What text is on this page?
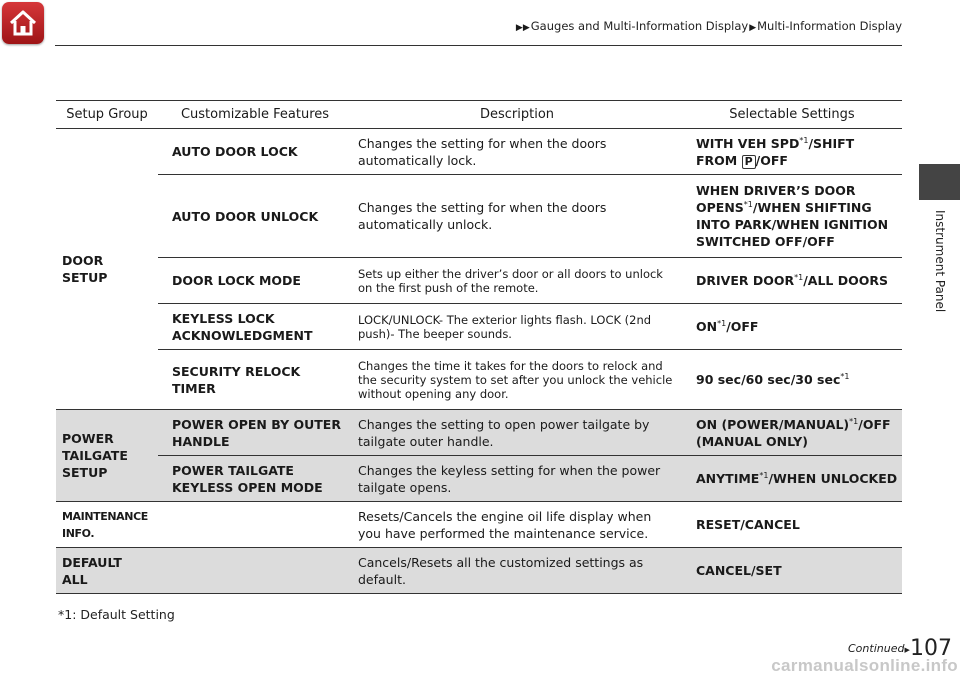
▶▶Gauges and Multi-Information Display▶Multi-Information Display
Instrument Panel
Setup Group	Customizable Features	Description	Selectable Settings
DOOR SETUP	AUTO DOOR LOCK	Changes the setting for when the doors automatically lock.	WITH VEH SPD$^{*1}$/SHIFT FROM P /OFF
	AUTO DOOR UNLOCK	Changes the setting for when the doors automatically unlock.	WHEN DRIVER’S DOOR OPENS$^{*1}$/WHEN SHIFTING INTO PARK/WHEN IGNITION SWITCHED OFF/OFF
	DOOR LOCK MODE	Sets up either the driver’s door or all doors to unlock on the first push of the remote.	DRIVER DOOR$^{*1}$/ALL DOORS
	KEYLESS LOCK ACKNOWLEDGMENT	LOCK/UNLOCK- The exterior lights flash. LOCK (2nd push)- The beeper sounds.	ON$^{*1}$/OFF
	SECURITY RELOCK TIMER	Changes the time it takes for the doors to relock and the security system to set after you unlock the vehicle without opening any door.	90 sec/60 sec/30 $\sec^{*1}$
POWER TAILGATE SETUP	POWER OPEN BY OUTER HANDLE	Changes the setting to open power tailgate by tailgate outer handle.	ON (POWER/MANUAL)$^{*1}$/OFF (MANUAL ONLY)
	POWER TAILGATE KEYLESS OPEN MODE	Changes the keyless setting for when the power tailgate opens.	ANYTIME$^{*1}$/WHEN UNLOCKED
MAINTENANCE INFO.		Resets/Cancels the engine oil life display when you have performed the maintenance service.	RESET/CANCEL
DEFAULT ALL		Cancels/Resets all the customized settings as default.	CANCEL/SET
*1: Default Setting
Continued▶ 107
carmanualsonline.info
